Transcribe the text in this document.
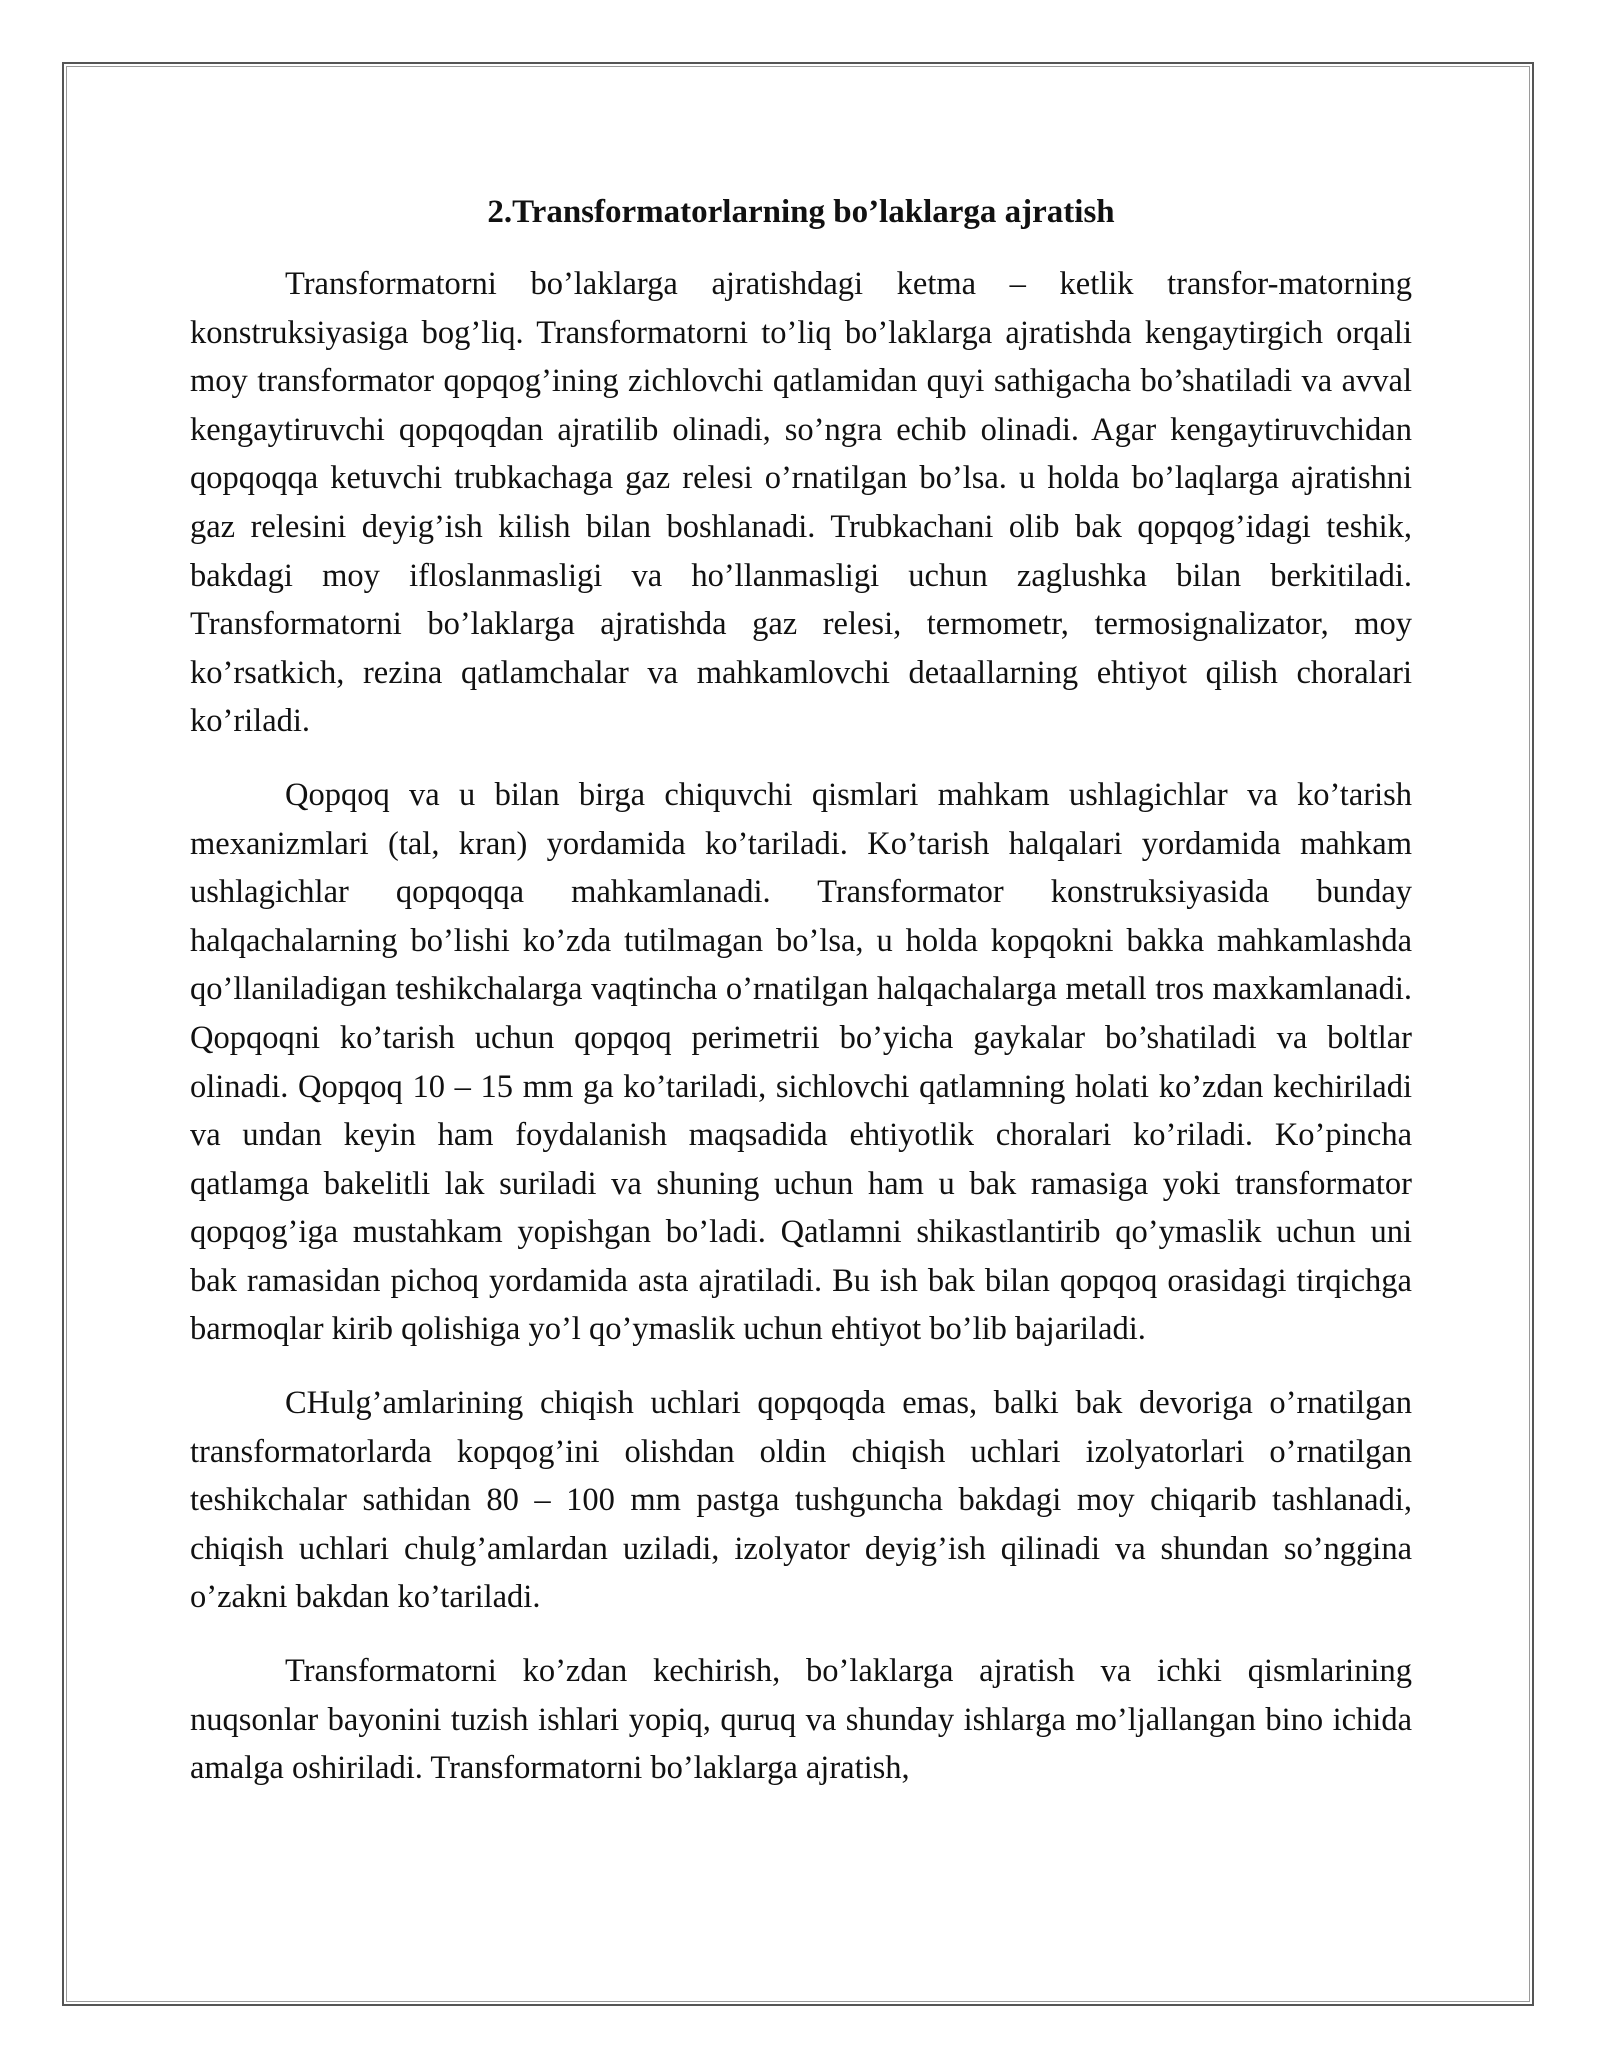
2.Transformatorlarning bo’laklarga ajratish

Transformatorni bo’laklarga ajratishdagi ketma – ketlik transfor-matorning konstruksiyasiga bog’liq. Transformatorni to’liq bo’laklarga ajratishda kengaytirgich orqali moy transformator qopqog’ining zichlovchi qatlamidan quyi sathigacha bo’shatiladi va avval kengaytiruvchi qopqoqdan ajratilib olinadi, so’ngra echib olinadi. Agar kengaytiruvchidan qopqoqqa ketuvchi trubkachaga gaz relesi o’rnatilgan bo’lsa. u holda bo’laqlarga ajratishni gaz relesini deyig’ish kilish bilan boshlanadi. Trubkachani olib bak qopqog’idagi teshik, bakdagi moy ifloslanmasligi va ho’llanmasligi uchun zaglushka bilan berkitiladi. Transformatorni bo’laklarga ajratishda gaz relesi, termometr, termosignalizator, moy ko’rsatkich, rezina qatlamchalar va mahkamlovchi detaallarning ehtiyot qilish choralari ko’riladi.

Qopqoq va u bilan birga chiquvchi qismlari mahkam ushlagichlar va ko’tarish mexanizmlari (tal, kran) yordamida ko’tariladi. Ko’tarish halqalari yordamida mahkam ushlagichlar qopqoqqa mahkamlanadi. Transformator konstruksiyasida bunday halqachalarning bo’lishi ko’zda tutilmagan bo’lsa, u holda kopqokni bakka mahkamlashda qo’llaniladigan teshikchalarga vaqtincha o’rnatilgan halqachalarga metall tros maxkamlanadi. Qopqoqni ko’tarish uchun qopqoq perimetrii bo’yicha gaykalar bo’shatiladi va boltlar olinadi. Qopqoq 10 – 15 mm ga ko’tariladi, sichlovchi qatlamning holati ko’zdan kechiriladi va undan keyin ham foydalanish maqsadida ehtiyotlik choralari ko’riladi. Ko’pincha qatlamga bakelitli lak suriladi va shuning uchun ham u bak ramasiga yoki transformator qopqog’iga mustahkam yopishgan bo’ladi. Qatlamni shikastlantirib qo’ymaslik uchun uni bak ramasidan pichoq yordamida asta ajratiladi. Bu ish bak bilan qopqoq orasidagi tirqichga barmoqlar kirib qolishiga yo’l qo’ymaslik uchun ehtiyot bo’lib bajariladi.

CHulg’amlarining chiqish uchlari qopqoqda emas, balki bak devoriga o’rnatilgan transformatorlarda kopqog’ini olishdan oldin chiqish uchlari izolyatorlari o’rnatilgan teshikchalar sathidan 80 – 100 mm pastga tushguncha bakdagi moy chiqarib tashlanadi, chiqish uchlari chulg’amlardan uziladi, izolyator deyig’ish qilinadi va shundan so’nggina o’zakni bakdan ko’tariladi.

Transformatorni ko’zdan kechirish, bo’laklarga ajratish va ichki qismlarining nuqsonlar bayonini tuzish ishlari yopiq, quruq va shunday ishlarga mo’ljallangan bino ichida amalga oshiriladi. Transformatorni bo’laklarga ajratish,
